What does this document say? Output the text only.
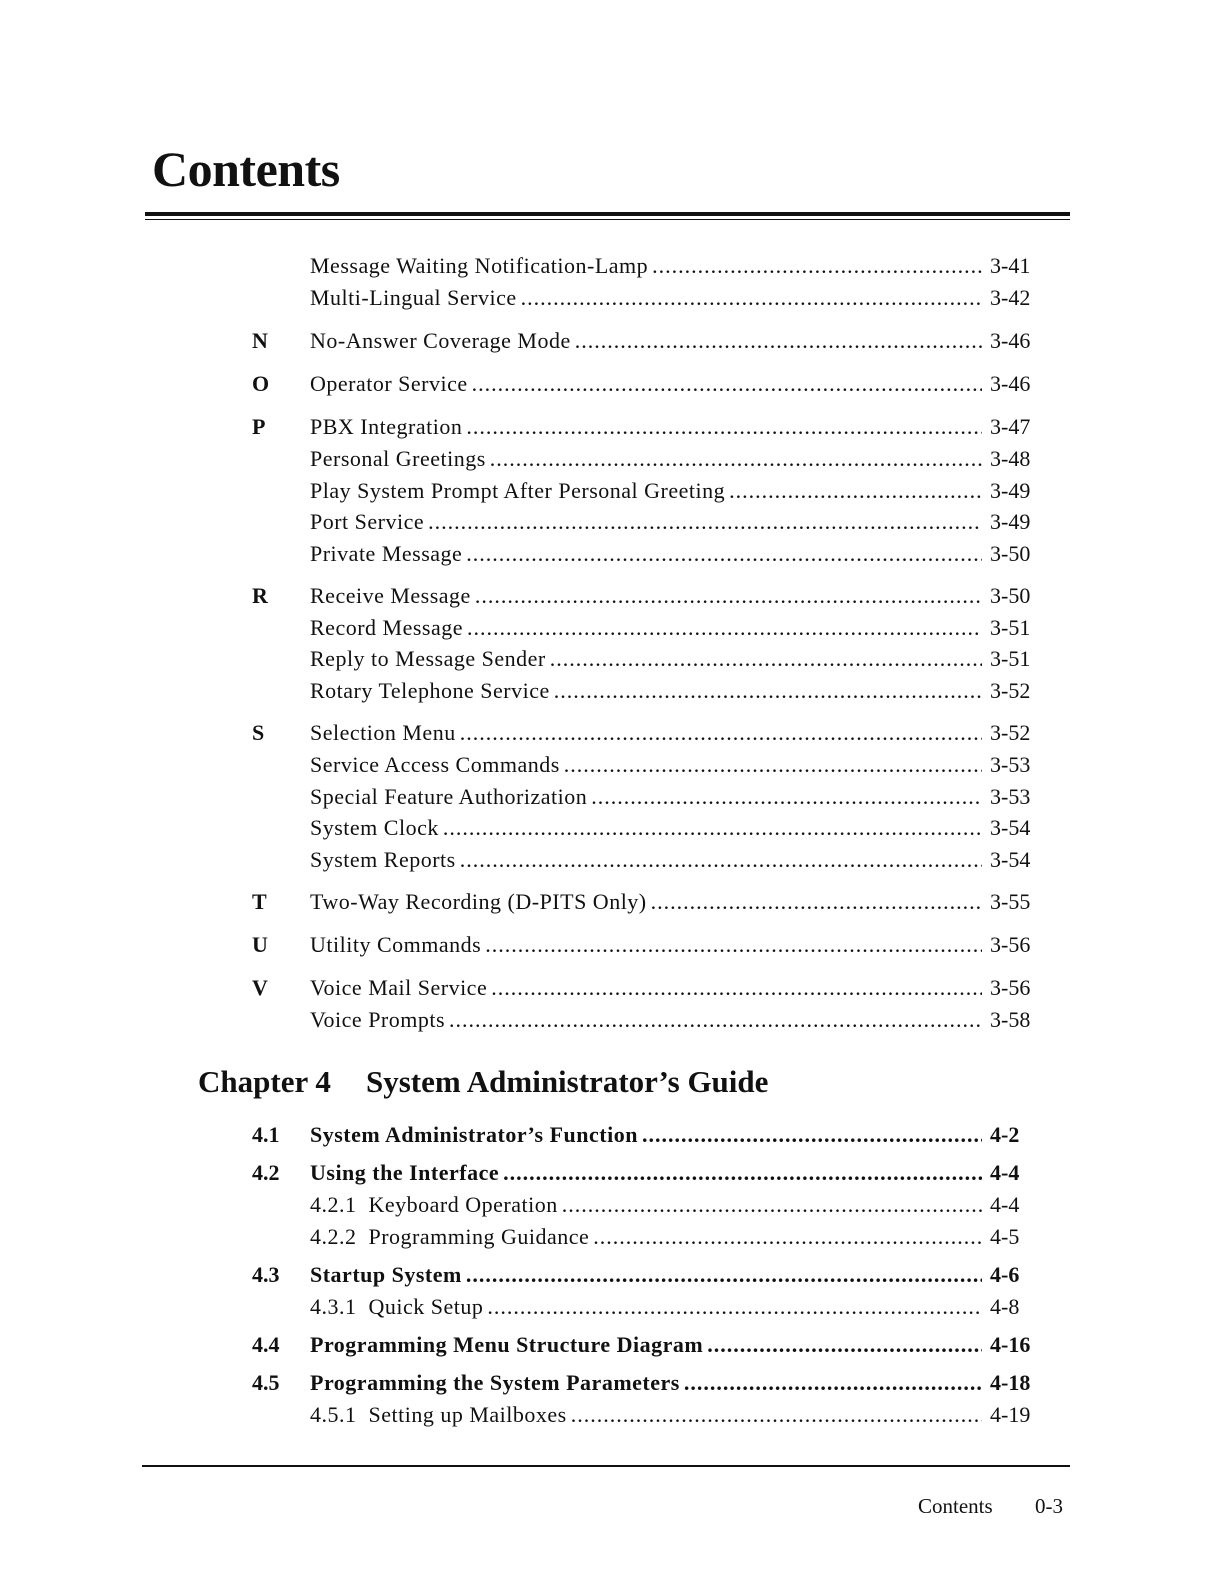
Contents
Message Waiting Notification-Lamp .....	3-41
Multi-Lingual Service .....	3-42
N	No-Answer Coverage Mode .....	3-46
O	Operator Service .....	3-46
P	PBX Integration .....	3-47
Personal Greetings .....	3-48
Play System Prompt After Personal Greeting .....	3-49
Port Service .....	3-49
Private Message .....	3-50
R	Receive Message .....	3-50
Record Message .....	3-51
Reply to Message Sender .....	3-51
Rotary Telephone Service .....	3-52
S	Selection Menu .....	3-52
Service Access Commands .....	3-53
Special Feature Authorization .....	3-53
System Clock .....	3-54
System Reports .....	3-54
T	Two-Way Recording (D-PITS Only) .....	3-55
U	Utility Commands .....	3-56
V	Voice Mail Service .....	3-56
Voice Prompts .....	3-58
Chapter 4 System Administrator’s Guide
4.1 System Administrator’s Function .....	4-2
4.2 Using the Interface .....	4-4
4.2.1  Keyboard Operation .....	4-4
4.2.2  Programming Guidance .....	4-5
4.3 Startup System .....	4-6
4.3.1  Quick Setup .....	4-8
4.4 Programming Menu Structure Diagram .....	4-16
4.5 Programming the System Parameters .....	4-18
4.5.1  Setting up Mailboxes .....	4-19
Contents 0-3
